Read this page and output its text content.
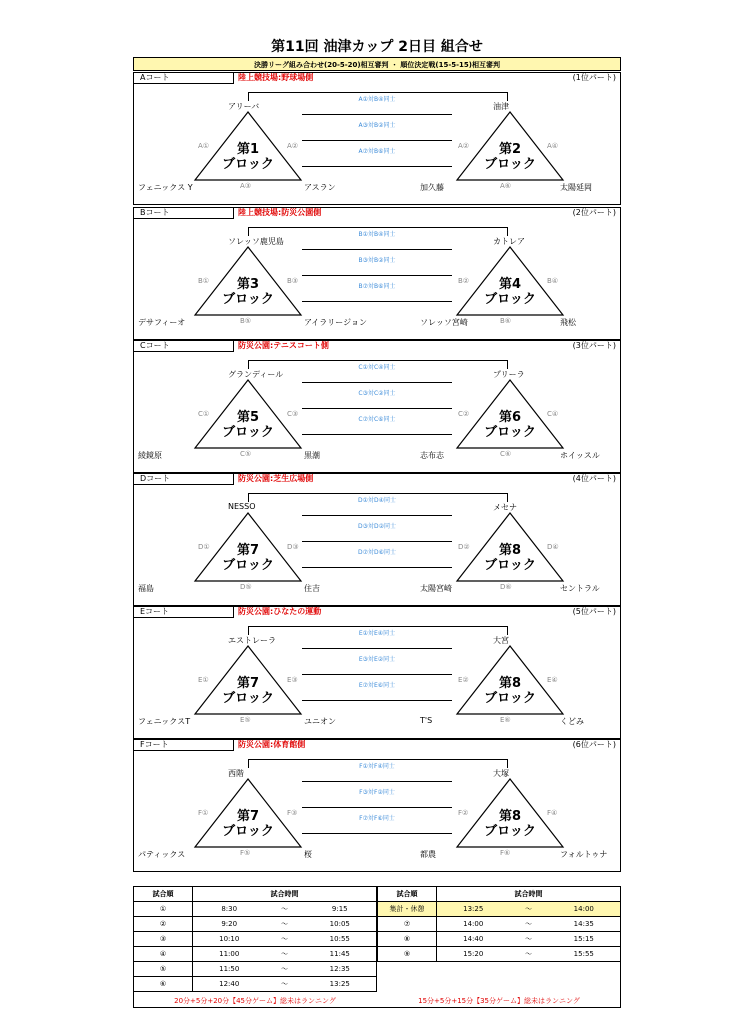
第11回 油津カップ 2日目 組合せ
決勝リーグ組み合わせ(20-5-20)相互審判 ・ 順位決定戦(15-5-15)相互審判
Aコート	陸上競技場:野球場側	(1位パート)
第1
ブロック
アリーバ
フェニックス Y	アスラン
A①	A②
A③
第2
ブロック
油津
加久藤	太陽延岡
A②	A④
A⑥
A①対B④同士
A③対B②同士
A⑦対B⑥同士
Bコート	陸上競技場:防災公園側	(2位パート)
第3
ブロック
ソレッソ鹿児島
デサフィーオ	アイラリージョン
B①	B③
B⑤
第4
ブロック
カトレア
ソレッソ宮崎	飛松
B②	B④
B⑥
B①対B④同士
B③対B②同士
B⑦対B⑥同士
Cコート	防災公園:テニスコート側	(3位パート)
第5
ブロック
グランディール
綾鏡原	黒潮
C①	C③
C⑤
第6
ブロック
プリーラ
志布志	ホイッスル
C②	C④
C⑥
C①対C④同士
C③対C②同士
C⑦対C⑥同士
Dコート	防災公園:芝生広場側	(4位パート)
第7
ブロック
NESSO
福島	住吉
D①	D③
D⑤
第8
ブロック
メセナ
太陽宮崎	セントラル
D②	D④
D⑥
D①対D④同士
D③対D②同士
D⑦対D⑥同士
Eコート	防災公園:ひなたの運動	(5位パート)
第7
ブロック
エストレーラ
フェニックスT	ユニオン
E①	E③
E⑤
第8
ブロック
大宮
T'S	くどみ
E②	E④
E⑥
E①対E④同士
E③対E②同士
E⑦対E⑥同士
Fコート	防災公園:体育館側	(6位パート)
第7
ブロック
西階
パティックス	桜
F①	F③
F⑤
第8
ブロック
大塚
都農	フォルトゥナ
F②	F④
F⑥
F①対F④同士
F③対F②同士
F⑦対F⑥同士
試合順	試合時間		
①	8:30	〜	9:15
②	9:20	〜	10:05
③	10:10	〜	10:55
④	11:00	〜	11:45
⑤	11:50	〜	12:35
⑥	12:40	〜	13:25
試合順	試合時間		
集計・休憩	13:25	〜	14:00
⑦	14:00	〜	14:35
⑧	14:40	〜	15:15
⑨	15:20	〜	15:55
20分+5分+20分【45分ゲーム】総未はランニング	15分+5分+15分【35分ゲーム】総未はランニング
